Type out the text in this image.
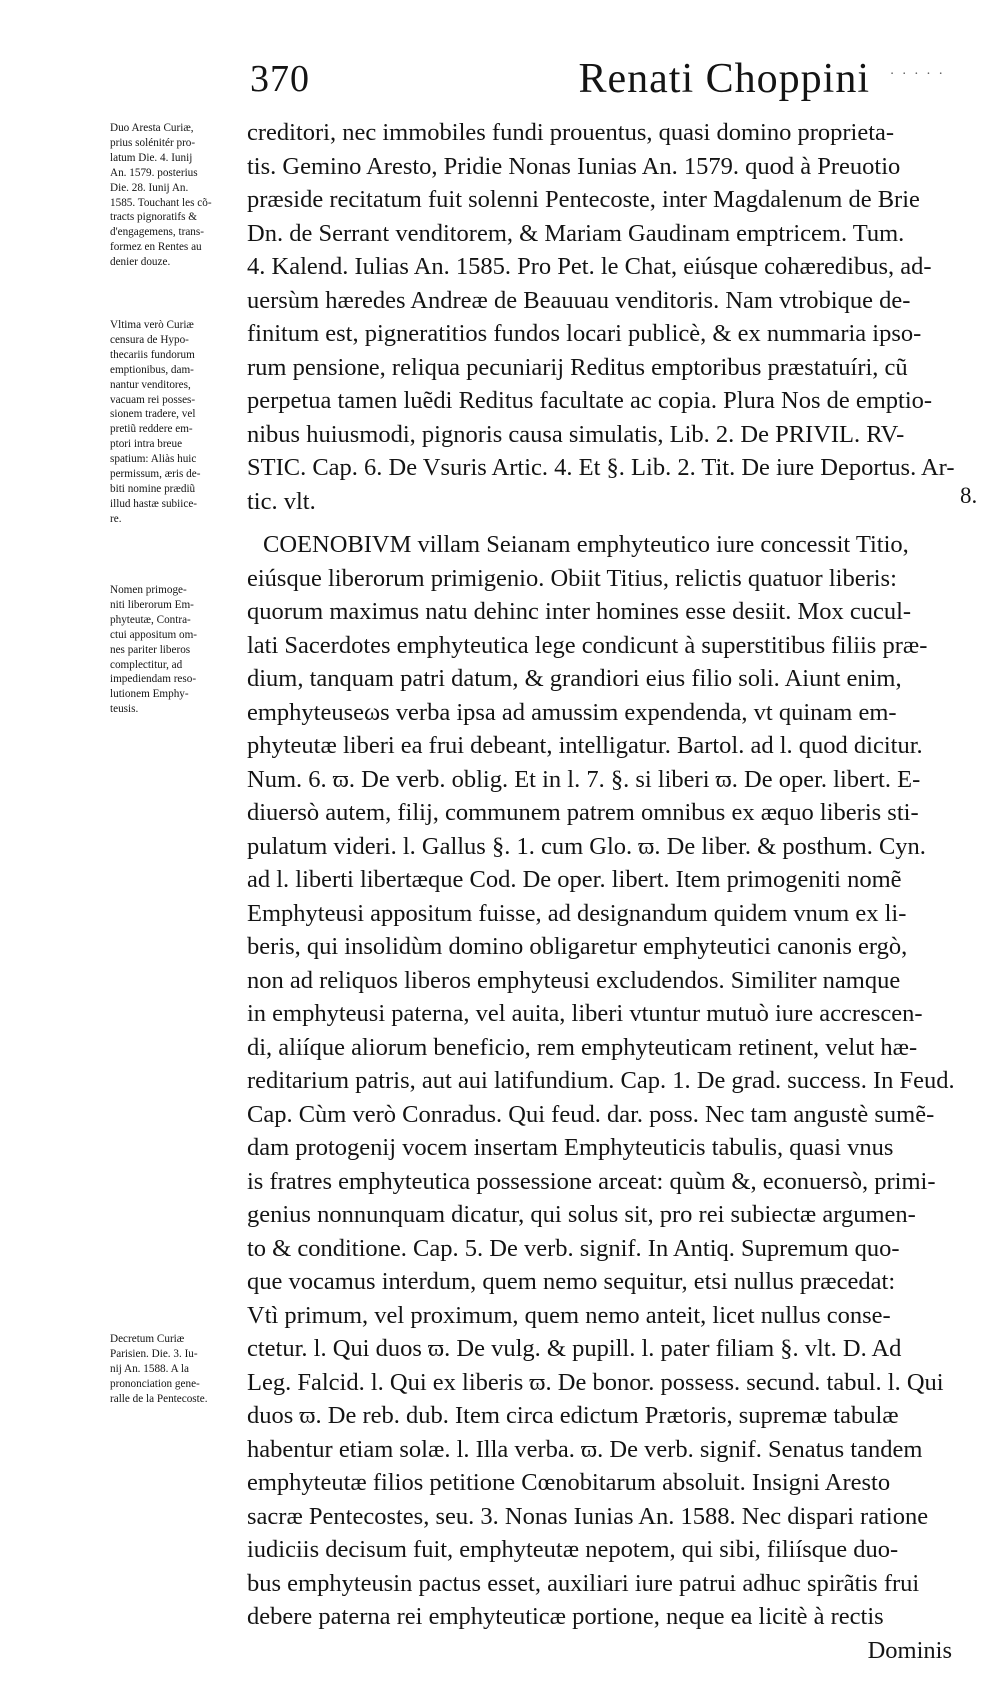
370	Renati Choppini · · · · ·
Duo Aresta Curiæ,
prius solénitér pro-
latum Die. 4. Iunij
An. 1579. posterius
Die. 28. Iunij An.
1585. Touchant les cõ-
tracts pignoratifs &
d'engagemens, trans-
formez en Rentes au
denier douze.
Vltima verò Curiæ
censura de Hypo-
thecariis fundorum
emptionibus, dam-
nantur venditores,
vacuam rei posses-
sionem tradere, vel
pretiũ reddere em-
ptori intra breue
spatium: Aliàs huic
permissum, æris de-
biti nomine prædiũ
illud hastæ subiice-
re.
Nomen primoge-
niti liberorum Em-
phyteutæ, Contra-
ctui appositum om-
nes pariter liberos
complectitur, ad
impediendam reso-
lutionem Emphy-
teusis.
Decretum Curiæ
Parisien. Die. 3. Iu-
nij An. 1588. A la
prononciation gene-
ralle de la Pentecoste.
8.
creditori, nec immobiles fundi prouentus, quasi domino proprieta-
tis. Gemino Aresto, Pridie Nonas Iunias An. 1579. quod à Preuotio
præside recitatum fuit solenni Pentecoste, inter Magdalenum de Brie
Dn. de Serrant venditorem, & Mariam Gaudinam emptricem. Tum.
4. Kalend. Iulias An. 1585. Pro Pet. le Chat, eiúsque cohæredibus, ad-
uersùm hæredes Andreæ de Beauuau venditoris. Nam vtrobique de-
finitum est, pigneratitios fundos locari publicè, & ex nummaria ipso-
rum pensione, reliqua pecuniarij Reditus emptoribus præstatuíri, cũ
perpetua tamen luẽdi Reditus facultate ac copia. Plura Nos de emptio-
nibus huiusmodi, pignoris causa simulatis, Lib. 2. De PRIVIL. RV-
STIC. Cap. 6. De Vsuris Artic. 4. Et §. Lib. 2. Tit. De iure Deportus. Ar-
tic. vlt.
COENOBIVM villam Seianam emphyteutico iure concessit Titio,
eiúsque liberorum primigenio. Obiit Titius, relictis quatuor liberis:
quorum maximus natu dehinc inter homines esse desiit. Mox cucul-
lati Sacerdotes emphyteutica lege condicunt à superstitibus filiis præ-
dium, tanquam patri datum, & grandiori eius filio soli. Aiunt enim,
emphyteuseωs verba ipsa ad amussim expendenda, vt quinam em-
phyteutæ liberi ea frui debeant, intelligatur. Bartol. ad l. quod dicitur.
Num. 6. ϖ. De verb. oblig. Et in l. 7. §. si liberi ϖ. De oper. libert. E-
diuersò autem, filij, communem patrem omnibus ex æquo liberis sti-
pulatum videri. l. Gallus §. 1. cum Glo. ϖ. De liber. & posthum. Cyn.
ad l. liberti libertæque Cod. De oper. libert. Item primogeniti nomẽ
Emphyteusi appositum fuisse, ad designandum quidem vnum ex li-
beris, qui insolidùm domino obligaretur emphyteutici canonis ergò,
non ad reliquos liberos emphyteusi excludendos. Similiter namque
in emphyteusi paterna, vel auita, liberi vtuntur mutuò iure accrescen-
di, aliíque aliorum beneficio, rem emphyteuticam retinent, velut hæ-
reditarium patris, aut aui latifundium. Cap. 1. De grad. success. In Feud.
Cap. Cùm verò Conradus. Qui feud. dar. poss. Nec tam angustè sumẽ-
dam protogenij vocem insertam Emphyteuticis tabulis, quasi vnus
is fratres emphyteutica possessione arceat: quùm &, econuersò, primi-
genius nonnunquam dicatur, qui solus sit, pro rei subiectæ argumen-
to & conditione. Cap. 5. De verb. signif. In Antiq. Supremum quo-
que vocamus interdum, quem nemo sequitur, etsi nullus præcedat:
Vtì primum, vel proximum, quem nemo anteit, licet nullus conse-
ctetur. l. Qui duos ϖ. De vulg. & pupill. l. pater filiam §. vlt. D. Ad
Leg. Falcid. l. Qui ex liberis ϖ. De bonor. possess. secund. tabul. l. Qui
duos ϖ. De reb. dub. Item circa edictum Prætoris, supremæ tabulæ
habentur etiam solæ. l. Illa verba. ϖ. De verb. signif. Senatus tandem
emphyteutæ filios petitione Cœnobitarum absoluit. Insigni Aresto
sacræ Pentecostes, seu. 3. Nonas Iunias An. 1588. Nec dispari ratione
iudiciis decisum fuit, emphyteutæ nepotem, qui sibi, filiísque duo-
bus emphyteusin pactus esset, auxiliari iure patrui adhuc spirãtis frui
debere paterna rei emphyteuticæ portione, neque ea licitè à rectis
Dominis
